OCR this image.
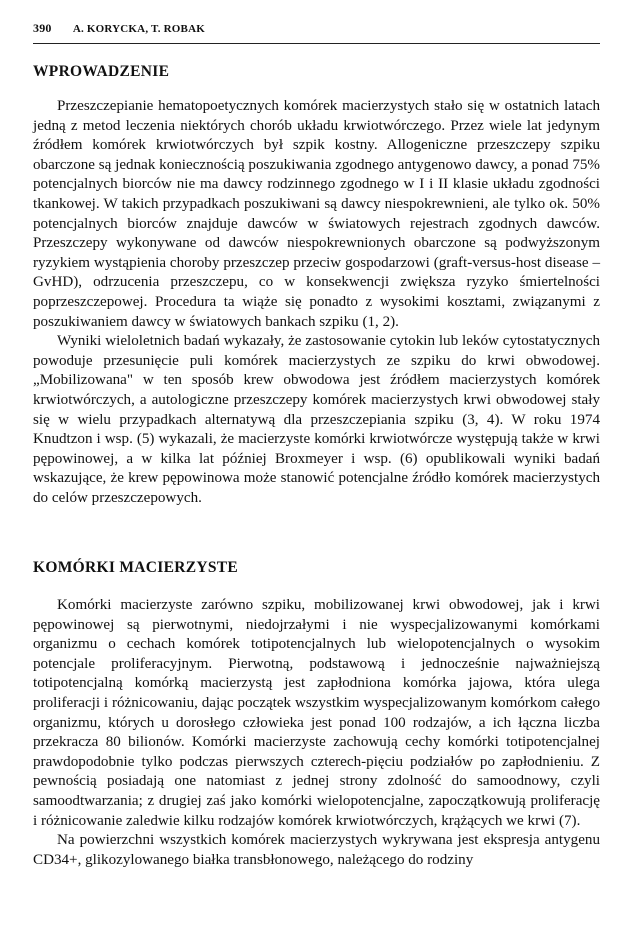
390 A. KORYCKA, T. ROBAK
WPROWADZENIE

Przeszczepianie hematopoetycznych komórek macierzystych stało się w ostatnich latach jedną z metod leczenia niektórych chorób układu krwiotwórczego. Przez wiele lat jedynym źródłem komórek krwiotwórczych był szpik kostny. Allogeniczne przeszczepy szpiku obarczone są jednak koniecznością poszukiwania zgodnego antygenowo dawcy, a ponad 75% potencjalnych biorców nie ma dawcy rodzinnego zgodnego w I i II klasie układu zgodności tkankowej. W takich przypadkach poszukiwani są dawcy niespokrewnieni, ale tylko ok. 50% potencjalnych biorców znajduje dawców w światowych rejestrach zgodnych dawców. Przeszczepy wykonywane od dawców niespokrewnionych obarczone są podwyższonym ryzykiem wystąpienia choroby przeszczep przeciw gospodarzowi (graft-versus-host disease – GvHD), odrzucenia przeszczepu, co w konsekwencji zwiększa ryzyko śmiertelności poprzeszczepowej. Procedura ta wiąże się ponadto z wysokimi kosztami, związanymi z poszukiwaniem dawcy w światowych bankach szpiku (1, 2).

Wyniki wieloletnich badań wykazały, że zastosowanie cytokin lub leków cytostatycznych powoduje przesunięcie puli komórek macierzystych ze szpiku do krwi obwodowej. „Mobilizowana" w ten sposób krew obwodowa jest źródłem macierzystych komórek krwiotwórczych, a autologiczne przeszczepy komórek macierzystych krwi obwodowej stały się w wielu przypadkach alternatywą dla przeszczepiania szpiku (3, 4). W roku 1974 Knudtzon i wsp. (5) wykazali, że macierzyste komórki krwiotwórcze występują także w krwi pępowinowej, a w kilka lat później Broxmeyer i wsp. (6) opublikowali wyniki badań wskazujące, że krew pępowinowa może stanowić potencjalne źródło komórek macierzystych do celów przeszczepowych.

KOMÓRKI MACIERZYSTE

Komórki macierzyste zarówno szpiku, mobilizowanej krwi obwodowej, jak i krwi pępowinowej są pierwotnymi, niedojrzałymi i nie wyspecjalizowanymi komórkami organizmu o cechach komórek totipotencjalnych lub wielopotencjalnych o wysokim potencjale proliferacyjnym. Pierwotną, podstawową i jednocześnie najważniejszą totipotencjalną komórką macierzystą jest zapłodniona komórka jajowa, która ulega proliferacji i różnicowaniu, dając początek wszystkim wyspecjalizowanym komórkom całego organizmu, których u dorosłego człowieka jest ponad 100 rodzajów, a ich łączna liczba przekracza 80 bilionów. Komórki macierzyste zachowują cechy komórki totipotencjalnej prawdopodobnie tylko podczas pierwszych czterech-pięciu podziałów po zapłodnieniu. Z pewnością posiadają one natomiast z jednej strony zdolność do samoodnowy, czyli samoodtwarzania; z drugiej zaś jako komórki wielopotencjalne, zapoczątkowują proliferację i różnicowanie zaledwie kilku rodzajów komórek krwiotwórczych, krążących we krwi (7).

Na powierzchni wszystkich komórek macierzystych wykrywana jest ekspresja antygenu CD34+, glikozylowanego białka transbłonowego, należącego do rodziny
